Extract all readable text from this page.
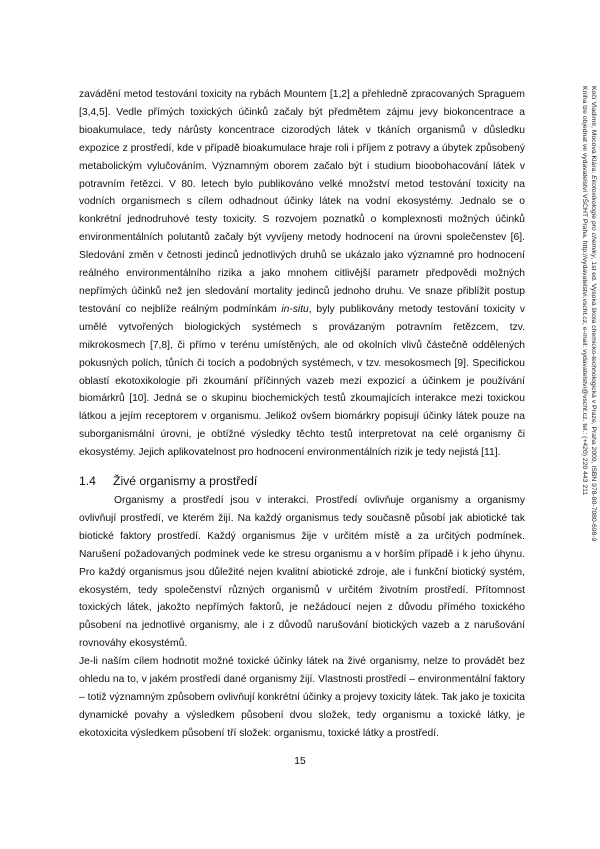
zavádění metod testování toxicity na rybách Mountem [1,2] a přehledně zpracovaných Spraguem [3,4,5]. Vedle přímých toxických účinků začaly být předmětem zájmu jevy biokoncentrace a bioakumulace, tedy nárůsty koncentrace cizorodých látek v tkáních organismů v důsledku expozice z prostředí, kde v případě bioakumulace hraje roli i příjem z potravy a úbytek způsobený metabolickým vylučováním. Významným oborem začalo být i studium bioobohacování látek v potravním řetězci. V 80. letech bylo publikováno velké množství metod testování toxicity na vodních organismech s cílem odhadnout účinky látek na vodní ekosystémy. Jednalo se o konkrétní jednodruhové testy toxicity. S rozvojem poznatků o komplexnosti možných účinků environmentálních polutantů začaly být vyvíjeny metody hodnocení na úrovni společenstev [6]. Sledování změn v četnosti jedinců jednotlivých druhů se ukázalo jako významné pro hodnocení reálného environmentálního rizika a jako mnohem citlivější parametr předpovědi možných nepřímých účinků než jen sledování mortality jedinců jednoho druhu. Ve snaze přiblížit postup testování co nejblíže reálným podmínkám in-situ, byly publikovány metody testování toxicity v umělé vytvořených biologických systémech s provázaným potravním řetězcem, tzv. mikrokosmech [7,8], či přímo v terénu umístěných, ale od okolních vlivů částečně oddělených pokusných polích, tůních či tocích a podobných systémech, v tzv. mesokosmech [9]. Specifickou oblastí ekotoxikologie při zkoumání příčinných vazeb mezi expozicí a účinkem je používání biomárkrů [10]. Jedná se o skupinu biochemických testů zkoumajících interakce mezi toxickou látkou a jejím receptorem v organismu. Jelikož ovšem biomárkry popisují účinky látek pouze na suborganismální úrovni, je obtížné výsledky těchto testů interpretovat na celé organismy či ekosystémy. Jejich aplikovatelnost pro hodnocení environmentálních rizik je tedy nejistá [11].

1.4 Živé organismy a prostředí

Organismy a prostředí jsou v interakci. Prostředí ovlivňuje organismy a organismy ovlivňují prostředí, ve kterém žijí. Na každý organismus tedy současně působí jak abiotické tak biotické faktory prostředí. Každý organismus žije v určitém místě a za určitých podmínek. Narušení požadovaných podmínek vede ke stresu organismu a v horším případě i k jeho úhynu. Pro každý organismus jsou důležité nejen kvalitní abiotické zdroje, ale i funkční biotický systém, ekosystém, tedy společenství různých organismů v určitém životním prostředí. Přítomnost toxických látek, jakožto nepřímých faktorů, je nežádoucí nejen z důvodu přímého toxického působení na jednotlivé organismy, ale i z důvodů narušování biotických vazeb a z narušování rovnováhy ekosystémů.

Je-li naším cílem hodnotit možné toxické účinky látek na živé organismy, nelze to provádět bez ohledu na to, v jakém prostředí dané organismy žijí. Vlastnosti prostředí – environmentální faktory – totiž významným způsobem ovlivňují konkrétní účinky a projevy toxicity látek. Tak jako je toxicita dynamické povahy a výsledkem působení dvou složek, tedy organismu a toxické látky, je ekotoxicita výsledkem působení tří složek: organismu, toxické látky a prostředí.

15

Kočí Vladimír, Mocová Klára: Ekotoxikologie pro chemiky, 1st ed. Vysoká škola chemicko-technologická v Praze, Praha 2009, ISBN 978-80-7080-698-9

Kniha lze objednat ve vydavatelství VŠCHT Praha, http://vydavatelstvi.vscht.cz, e-mail: vydavatelstvi@vscht.cz, tel.: (+420) 220 443 211
